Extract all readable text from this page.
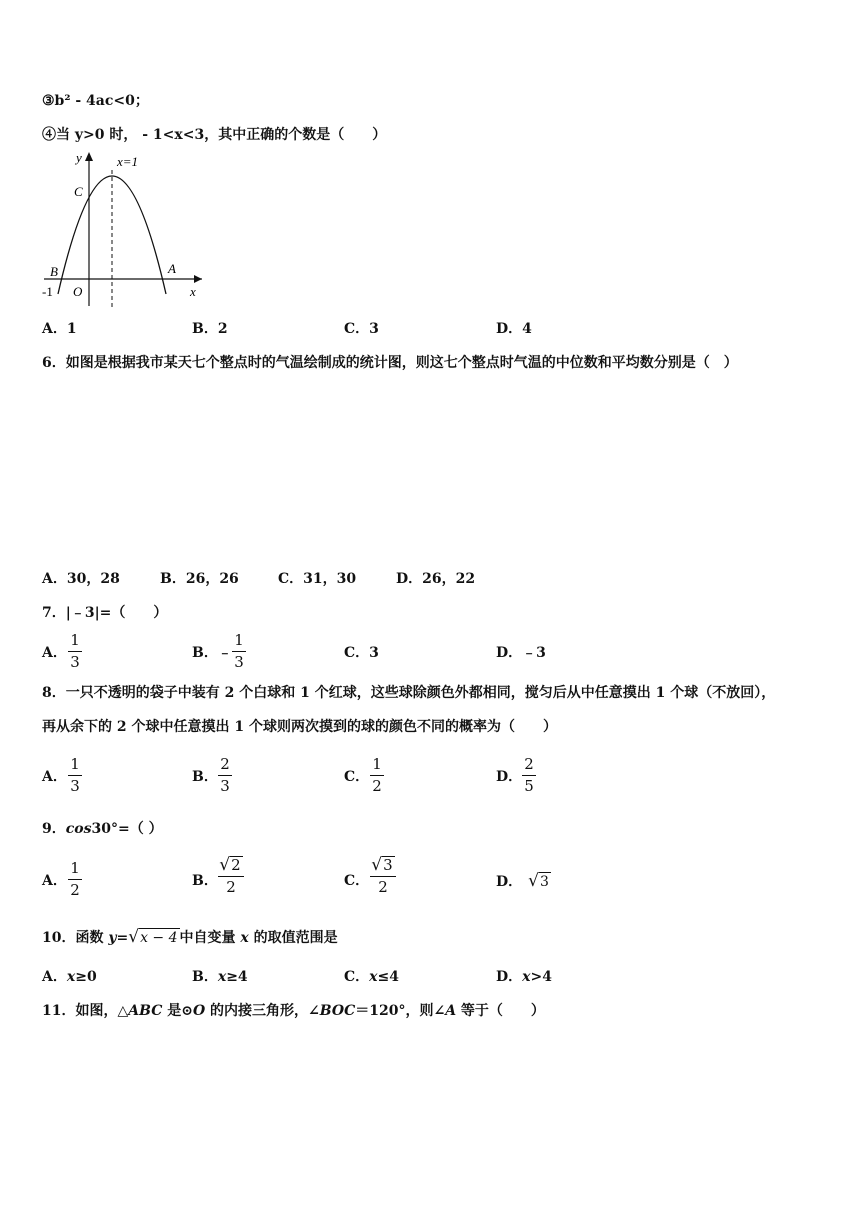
③b² - 4ac<0；
④当 y>0 时， - 1<x<3，其中正确的个数是（　　）
y
x
x=1
C
B	A
-1 O
A．1	B．2	C．3	D．4
6．如图是根据我市某天七个整点时的气温绘制成的统计图，则这七个整点时气温的中位数和平均数分别是（　）
A．30，28	B．26，26	C．31，30	D．26，22
7．|﹣3|=（　　）
A．
1
3	B．﹣
1
3	C．3	D．﹣3
8．一只不透明的袋子中装有 2 个白球和 1 个红球，这些球除颜色外都相同，搅匀后从中任意摸出 1 个球（不放回），
再从余下的 2 个球中任意摸出 1 个球则两次摸到的球的颜色不同的概率为（　　）
A．
1
3	B．
2
3	C．
1
2	D．
2
5
9．cos30°=（ ）
A．
1
2	B．
√ 2
2	C．
√ 3
2	D． √ 3
10．函数 y= √ x − 4 中自变量 x 的取值范围是
A．x≥0	B．x≥4	C．x≤4	D．x>4
11．如图，△ABC 是⊙O 的内接三角形，∠BOC＝120°，则∠A 等于（　　）
